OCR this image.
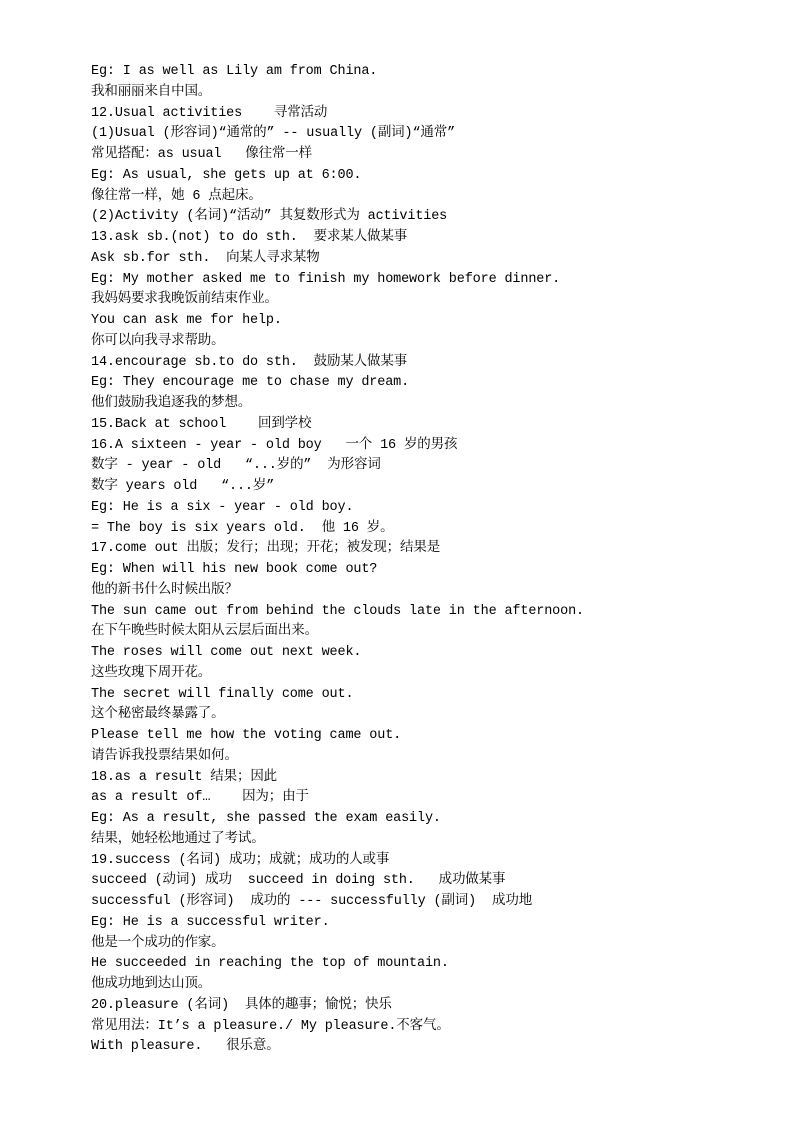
Eg: I as well as Lily am from China.
我和丽丽来自中国。
12.Usual activities    寻常活动
(1)Usual (形容词)“通常的” -- usually (副词)“通常”
常见搭配：as usual   像往常一样
Eg: As usual, she gets up at 6:00.
像往常一样，她 6 点起床。
(2)Activity (名词)“活动” 其复数形式为 activities
13.ask sb.(not) to do sth.  要求某人做某事
Ask sb.for sth.  向某人寻求某物
Eg: My mother asked me to finish my homework before dinner.
我妈妈要求我晚饭前结束作业。
You can ask me for help.
你可以向我寻求帮助。
14.encourage sb.to do sth.  鼓励某人做某事
Eg: They encourage me to chase my dream.
他们鼓励我追逐我的梦想。
15.Back at school    回到学校
16.A sixteen - year - old boy   一个 16 岁的男孩
数字 - year - old   “...岁的”  为形容词
数字 years old   “...岁”
Eg: He is a six - year - old boy.
= The boy is six years old.  他 16 岁。
17.come out 出版；发行；出现；开花；被发现；结果是
Eg: When will his new book come out?
他的新书什么时候出版？
The sun came out from behind the clouds late in the afternoon.
在下午晚些时候太阳从云层后面出来。
The roses will come out next week.
这些玫瑰下周开花。
The secret will finally come out.
这个秘密最终暴露了。
Please tell me how the voting came out.
请告诉我投票结果如何。
18.as a result 结果；因此
as a result of…    因为；由于
Eg: As a result, she passed the exam easily.
结果，她轻松地通过了考试。
19.success (名词) 成功；成就；成功的人或事
succeed (动词) 成功  succeed in doing sth.   成功做某事
successful (形容词)  成功的 --- successfully (副词)  成功地
Eg: He is a successful writer.
他是一个成功的作家。
He succeeded in reaching the top of mountain.
他成功地到达山顶。
20.pleasure (名词)  具体的趣事；愉悦；快乐
常见用法：It’s a pleasure./ My pleasure.不客气。
With pleasure.   很乐意。
